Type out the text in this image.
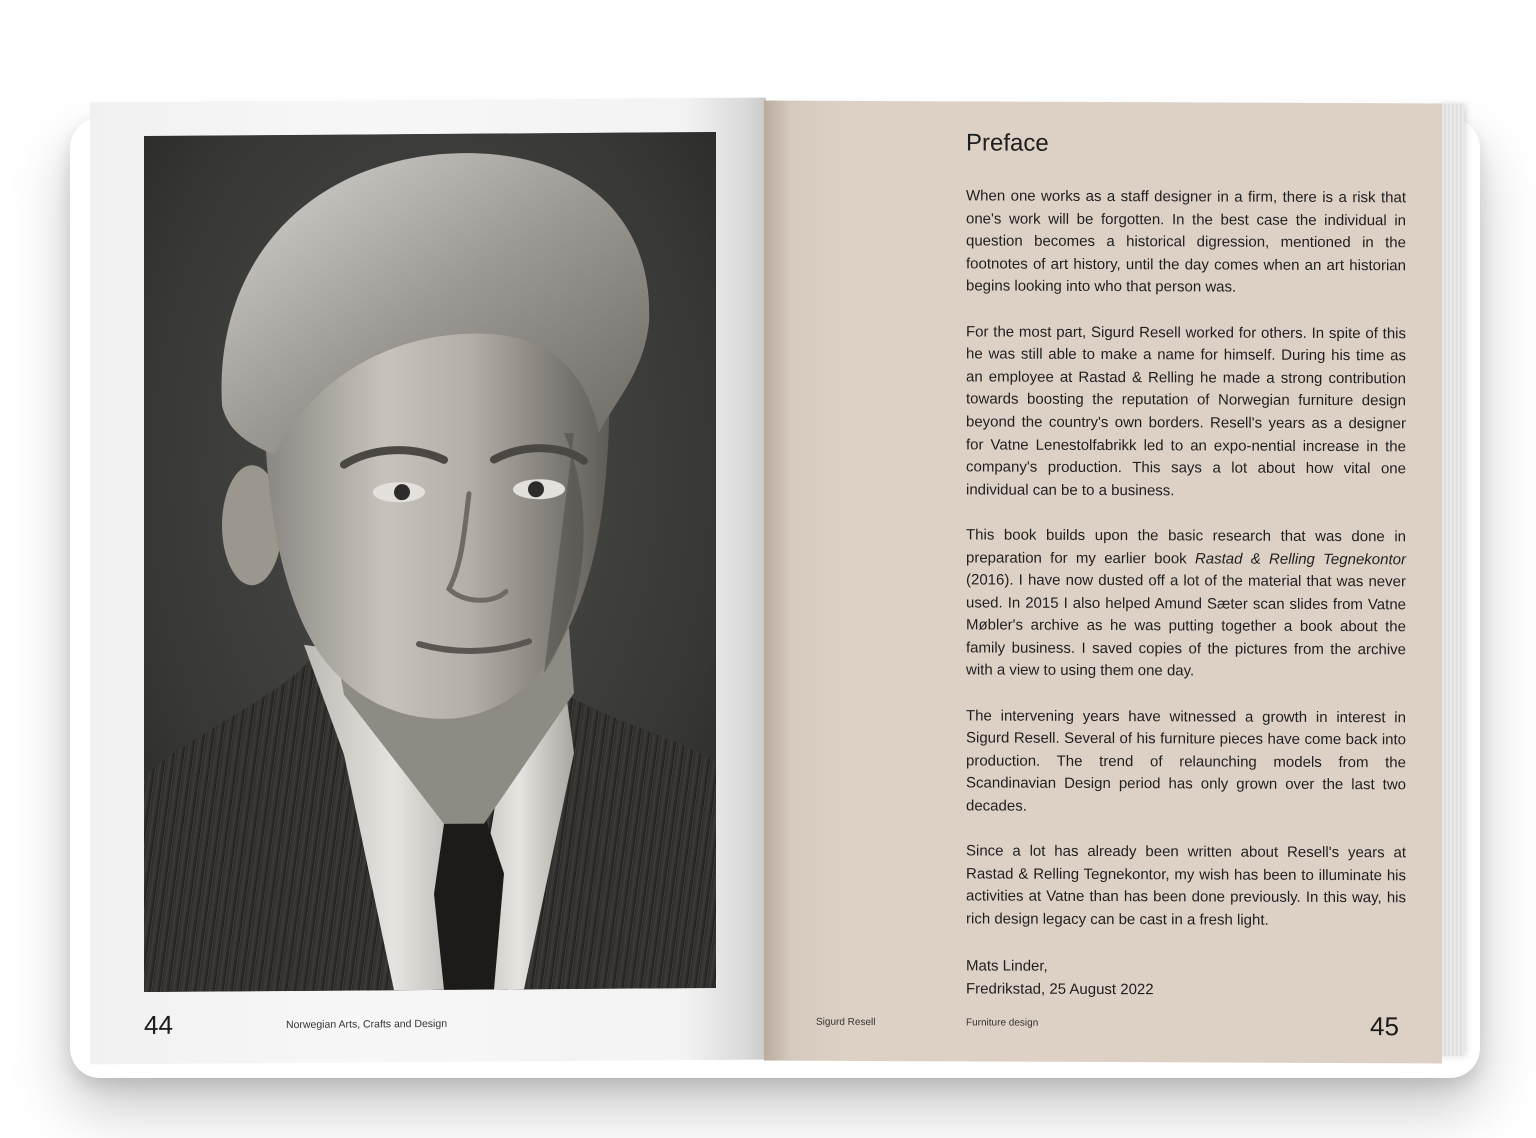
44	Norwegian Arts, Crafts and Design
Preface

When one works as a staff designer in a firm, there is a risk that one's work will be forgotten. In the best case the individual in question becomes a historical digression, mentioned in the footnotes of art history, until the day comes when an art historian begins looking into who that person was.

For the most part, Sigurd Resell worked for others. In spite of this he was still able to make a name for himself. During his time as an employee at Rastad & Relling he made a strong contribution towards boosting the reputation of Norwegian furniture design beyond the country's own borders. Resell's years as a designer for Vatne Lenestolfabrikk led to an expo-nential increase in the company's production. This says a lot about how vital one individual can be to a business.

This book builds upon the basic research that was done in preparation for my earlier book Rastad & Relling Tegnekontor (2016). I have now dusted off a lot of the material that was never used. In 2015 I also helped Amund Sæter scan slides from Vatne Møbler's archive as he was putting together a book about the family business. I saved copies of the pictures from the archive with a view to using them one day.

The intervening years have witnessed a growth in interest in Sigurd Resell. Several of his furniture pieces have come back into production. The trend of relaunching models from the Scandinavian Design period has only grown over the last two decades.

Since a lot has already been written about Resell's years at Rastad & Relling Tegnekontor, my wish has been to illuminate his activities at Vatne than has been done previously. In this way, his rich design legacy can be cast in a fresh light.

Mats Linder,
Fredrikstad, 25 August 2022
Sigurd Resell	Furniture design	45
